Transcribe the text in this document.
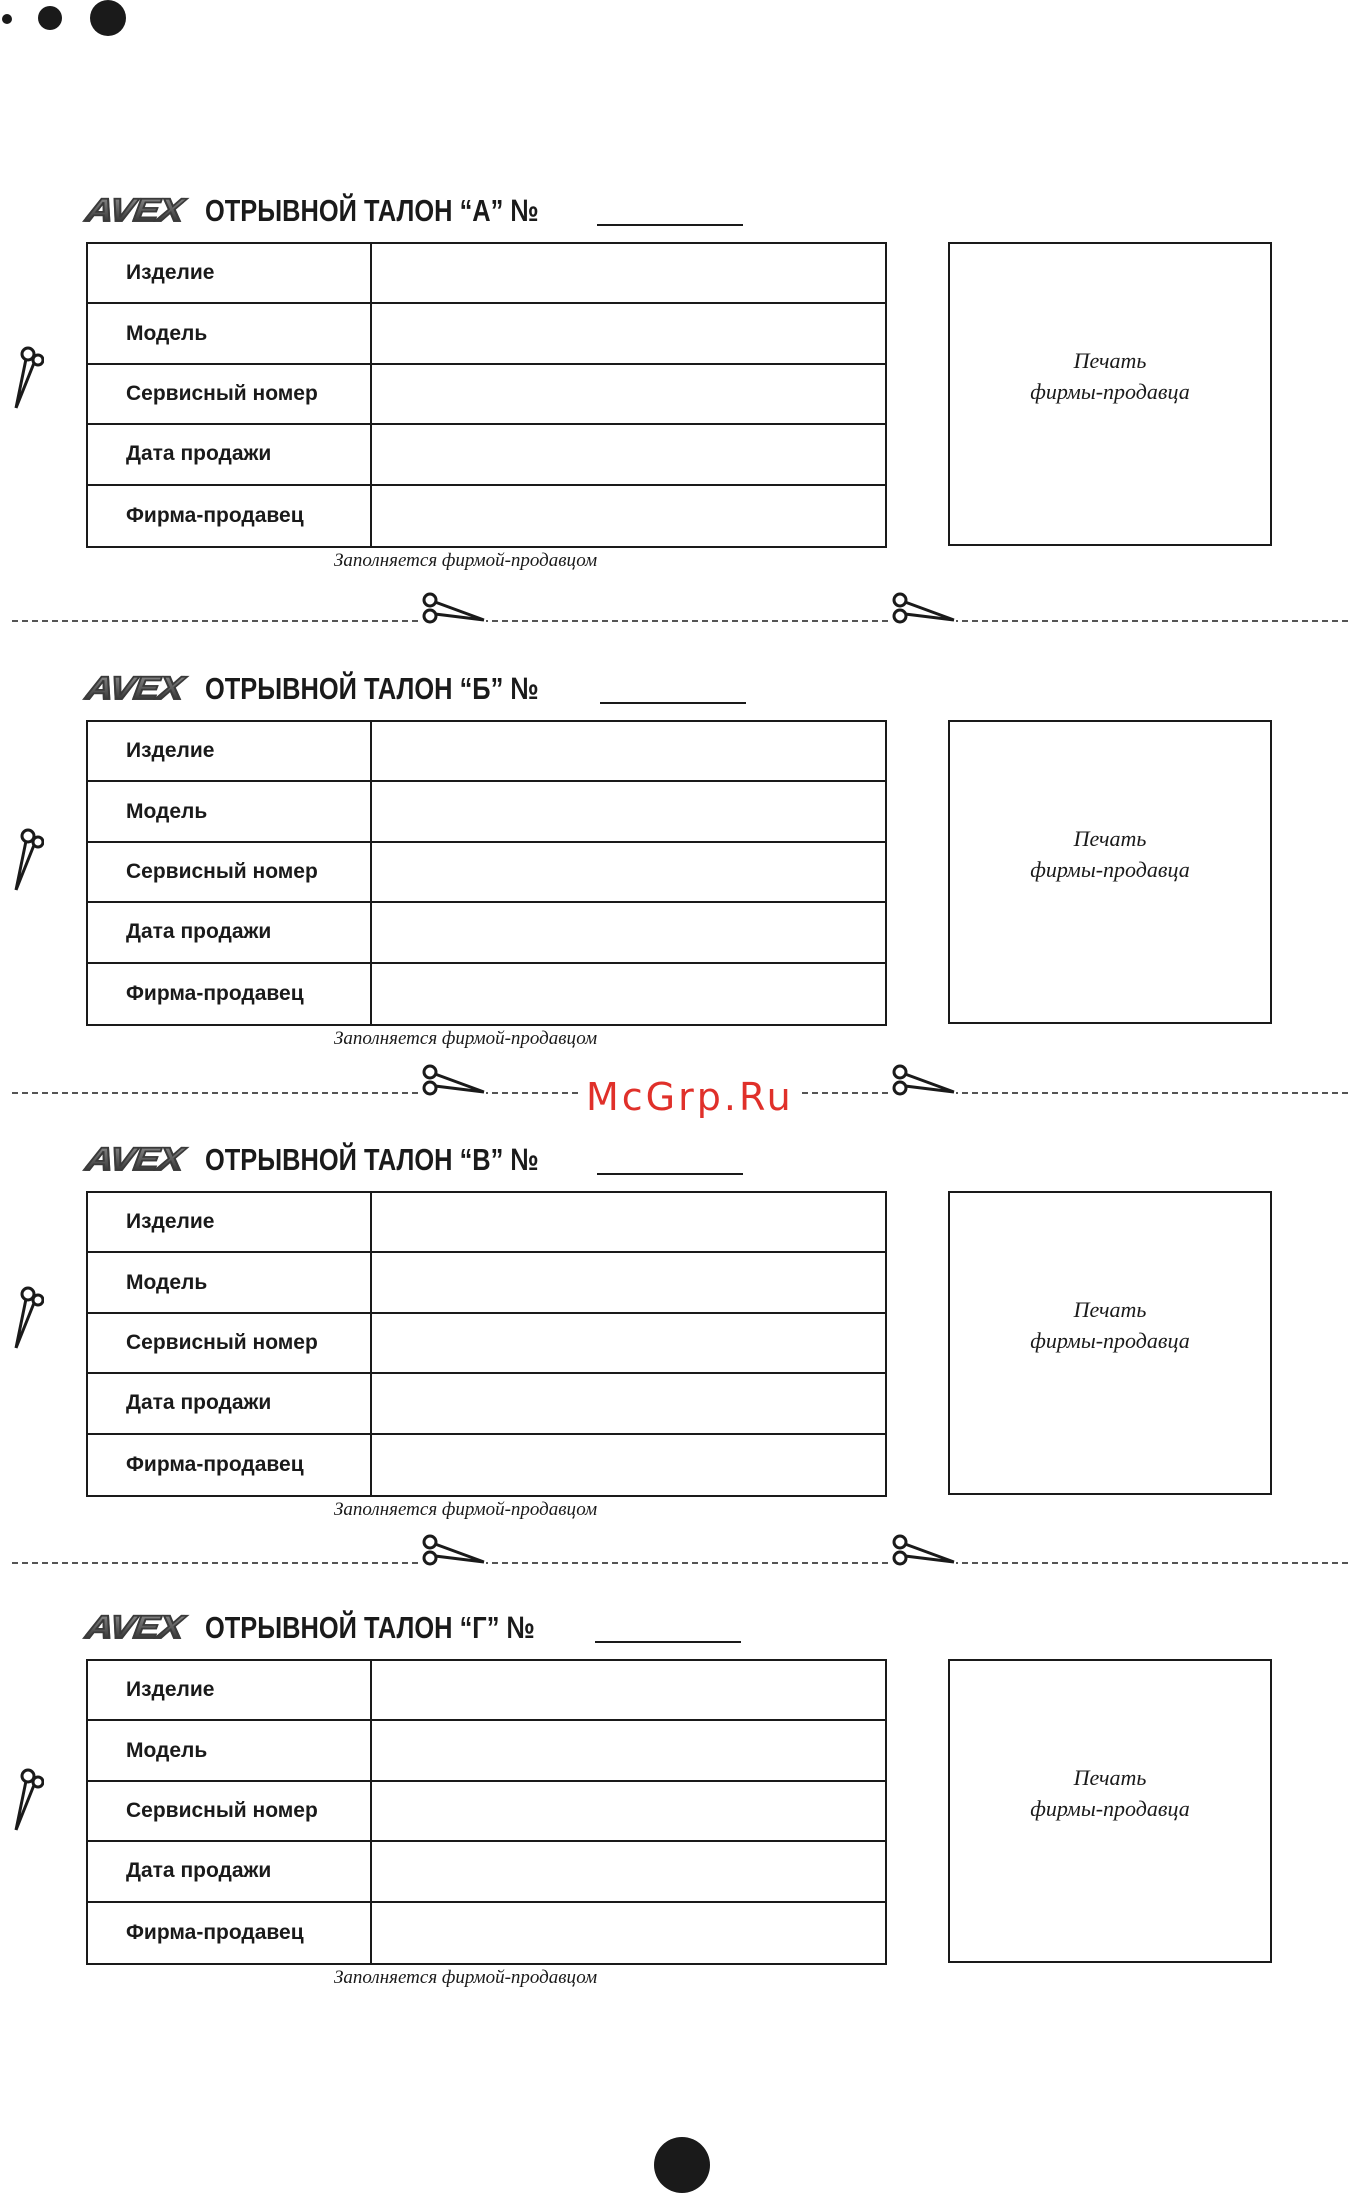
AVEX ОТРЫВНОЙ ТАЛОН “А” №
Изделие
Модель
Сервисный номер
Дата продажи
Фирма-продавец
Печать
фирмы-продавца
Заполняется фирмой-продавцом
AVEX ОТРЫВНОЙ ТАЛОН “Б” №
Изделие
Модель
Сервисный номер
Дата продажи
Фирма-продавец
Печать
фирмы-продавца
Заполняется фирмой-продавцом
AVEX ОТРЫВНОЙ ТАЛОН “В” №
Изделие
Модель
Сервисный номер
Дата продажи
Фирма-продавец
Печать
фирмы-продавца
Заполняется фирмой-продавцом
AVEX ОТРЫВНОЙ ТАЛОН “Г” №
Изделие
Модель
Сервисный номер
Дата продажи
Фирма-продавец
Печать
фирмы-продавца
Заполняется фирмой-продавцом
McGrp.Ru
